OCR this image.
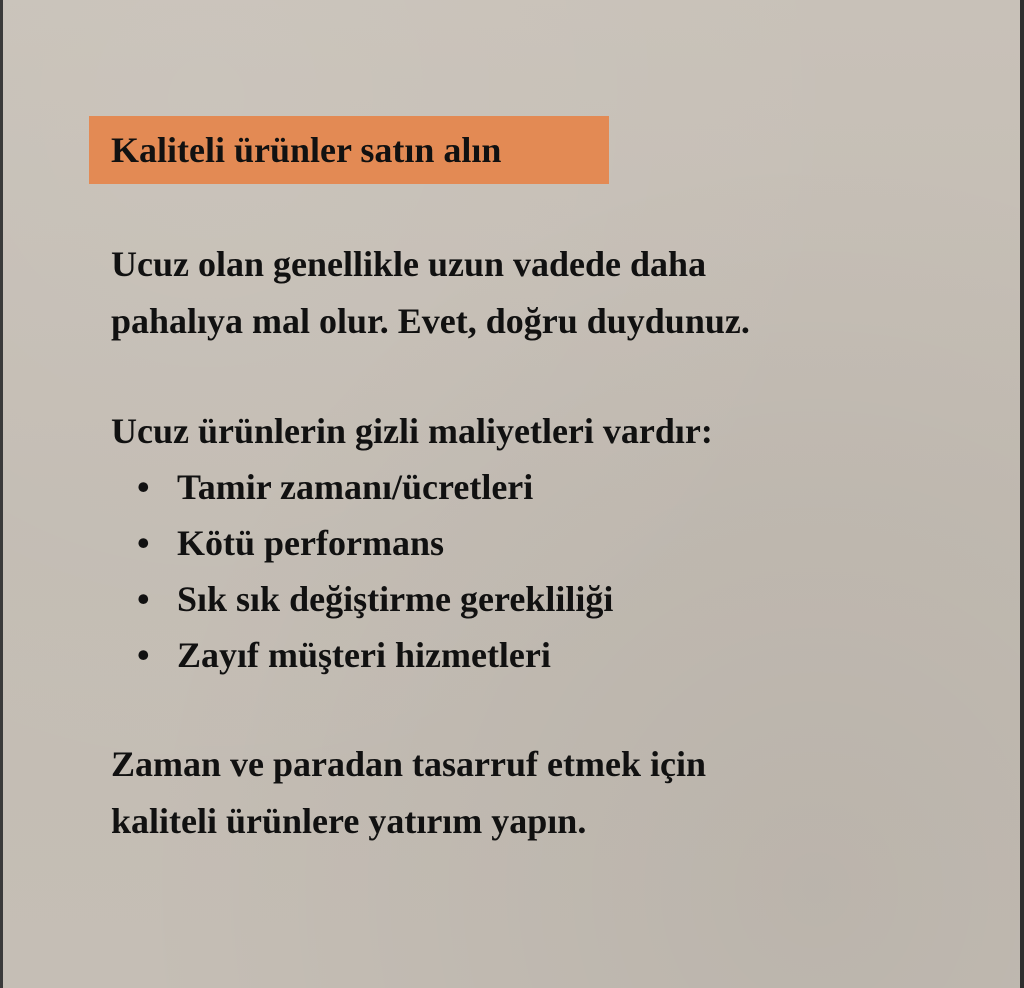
Kaliteli ürünler satın alın

Ucuz olan genellikle uzun vadede daha
pahalıya mal olur. Evet, doğru duydunuz.

Ucuz ürünlerin gizli maliyetleri vardır:

• Tamir zamanı/ücretleri
• Kötü performans
• Sık sık değiştirme gerekliliği
• Zayıf müşteri hizmetleri

Zaman ve paradan tasarruf etmek için
kaliteli ürünlere yatırım yapın.
